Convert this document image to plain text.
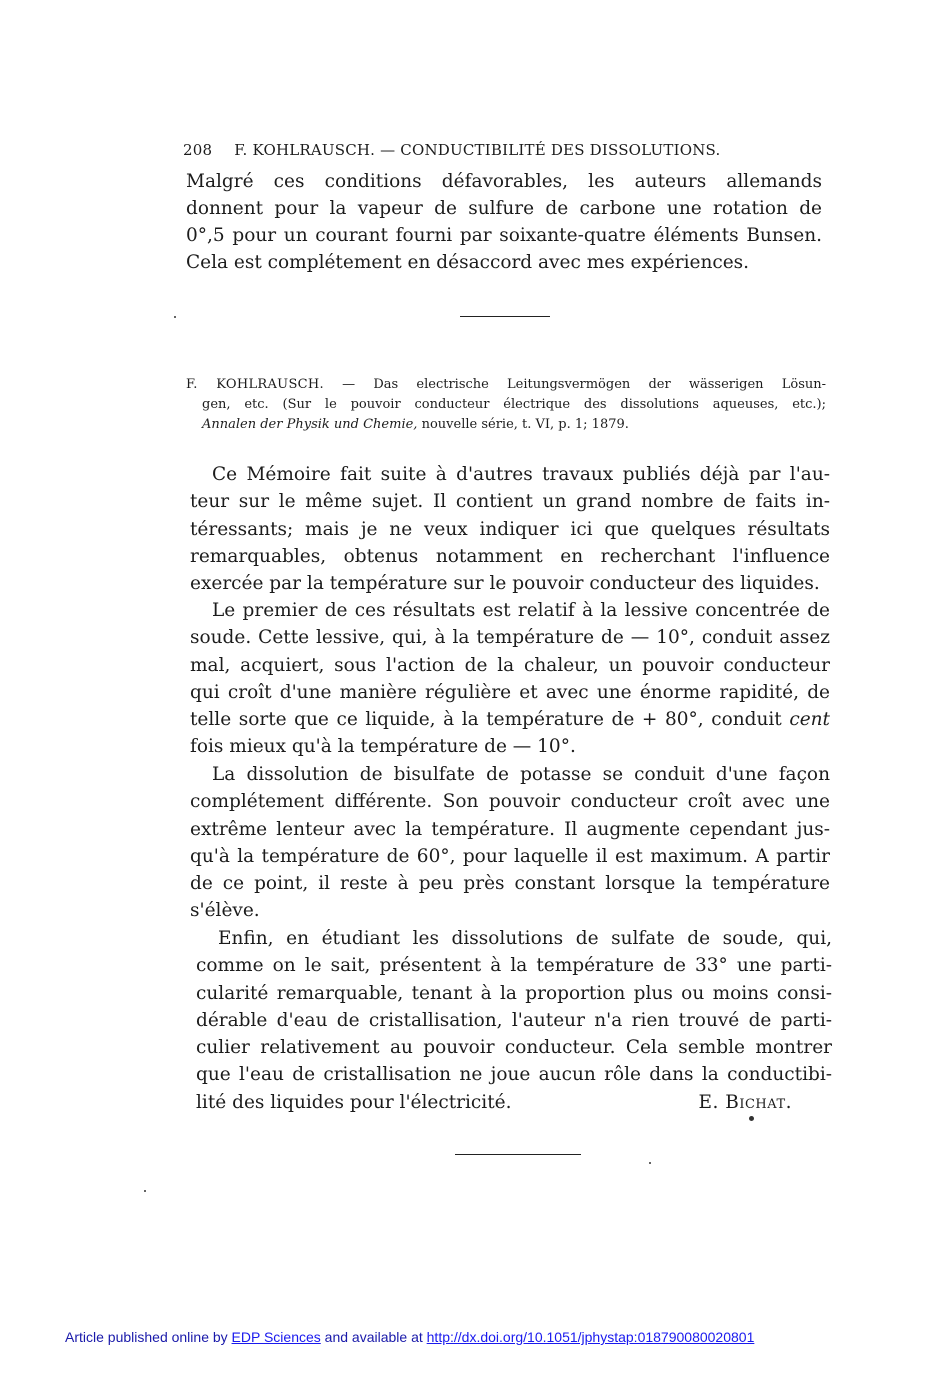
208 F. KOHLRAUSCH. — CONDUCTIBILITÉ DES DISSOLUTIONS.
Malgré ces conditions défavorables, les auteurs allemands
donnent pour la vapeur de sulfure de carbone une rotation de
0°,5 pour un courant fourni par soixante-quatre éléments Bunsen.
Cela est complétement en désaccord avec mes expériences.
F. KOHLRAUSCH. — Das electrische Leitungsvermögen der wässerigen Lösun-
gen, etc. (Sur le pouvoir conducteur électrique des dissolutions aqueuses, etc.);
Annalen der Physik und Chemie, nouvelle série, t. VI, p. 1; 1879.
Ce Mémoire fait suite à d'autres travaux publiés déjà par l'au-
teur sur le même sujet. Il contient un grand nombre de faits in-
téressants; mais je ne veux indiquer ici que quelques résultats
remarquables, obtenus notamment en recherchant l'influence
exercée par la température sur le pouvoir conducteur des liquides.
Le premier de ces résultats est relatif à la lessive concentrée de
soude. Cette lessive, qui, à la température de — 10°, conduit assez
mal, acquiert, sous l'action de la chaleur, un pouvoir conducteur
qui croît d'une manière régulière et avec une énorme rapidité, de
telle sorte que ce liquide, à la température de + 80°, conduit cent
fois mieux qu'à la température de — 10°.
La dissolution de bisulfate de potasse se conduit d'une façon
complétement différente. Son pouvoir conducteur croît avec une
extrême lenteur avec la température. Il augmente cependant jus-
qu'à la température de 60°, pour laquelle il est maximum. A partir
de ce point, il reste à peu près constant lorsque la température
s'élève.
Enfin, en étudiant les dissolutions de sulfate de soude, qui,
comme on le sait, présentent à la température de 33° une parti-
cularité remarquable, tenant à la proportion plus ou moins consi-
dérable d'eau de cristallisation, l'auteur n'a rien trouvé de parti-
culier relativement au pouvoir conducteur. Cela semble montrer
que l'eau de cristallisation ne joue aucun rôle dans la conductibi-
lité des liquides pour l'électricité.	E. Bichat.
Article published online by EDP Sciences and available at http://dx.doi.org/10.1051/jphystap:018790080020801
